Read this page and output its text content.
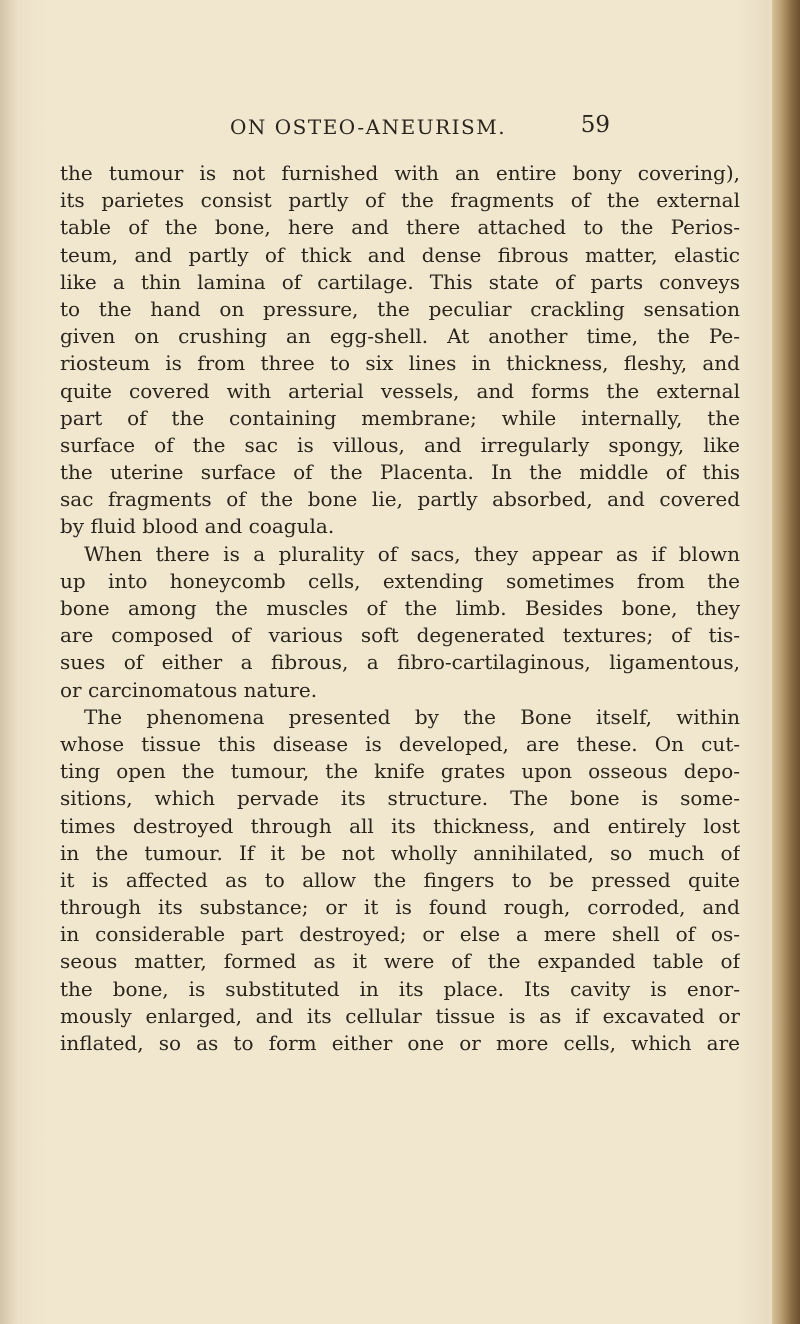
ON OSTEO-ANEURISM.	59
the tumour is not furnished with an entire bony covering),
its parietes consist partly of the fragments of the external
table of the bone, here and there attached to the Perios-
teum, and partly of thick and dense fibrous matter, elastic
like a thin lamina of cartilage. This state of parts conveys
to the hand on pressure, the peculiar crackling sensation
given on crushing an egg-shell. At another time, the Pe-
riosteum is from three to six lines in thickness, fleshy, and
quite covered with arterial vessels, and forms the external
part of the containing membrane; while internally, the
surface of the sac is villous, and irregularly spongy, like
the uterine surface of the Placenta. In the middle of this
sac fragments of the bone lie, partly absorbed, and covered
by fluid blood and coagula.
When there is a plurality of sacs, they appear as if blown
up into honeycomb cells, extending sometimes from the
bone among the muscles of the limb. Besides bone, they
are composed of various soft degenerated textures; of tis-
sues of either a fibrous, a fibro-cartilaginous, ligamentous,
or carcinomatous nature.
The phenomena presented by the Bone itself, within
whose tissue this disease is developed, are these. On cut-
ting open the tumour, the knife grates upon osseous depo-
sitions, which pervade its structure. The bone is some-
times destroyed through all its thickness, and entirely lost
in the tumour. If it be not wholly annihilated, so much of
it is affected as to allow the fingers to be pressed quite
through its substance; or it is found rough, corroded, and
in considerable part destroyed; or else a mere shell of os-
seous matter, formed as it were of the expanded table of
the bone, is substituted in its place. Its cavity is enor-
mously enlarged, and its cellular tissue is as if excavated or
inflated, so as to form either one or more cells, which are
